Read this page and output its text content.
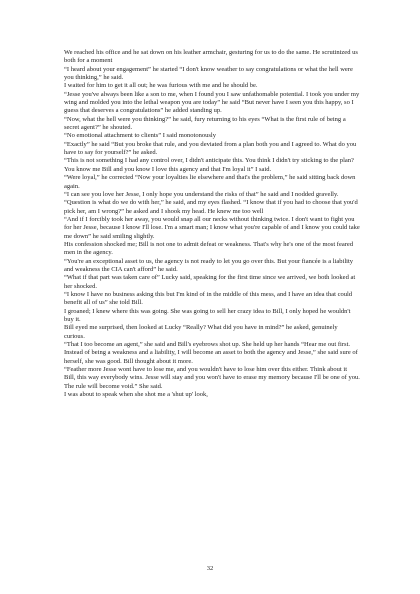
We reached his office and he sat down on his leather armchair, gesturing for us to do the same. He scrutinized us both for a moment

“I heard about your engagement” he started “I don't know weather to say congratulations or what the hell were you thinking,” he said.

I waited for him to get it all out; he was furious with me and he should be.

“Jesse you've always been like a son to me, when I found you I saw unfathomable potential. I took you under my wing and molded you into the lethal weapon you are today” he said “But never have I seen you this happy, so I guess that deserves a congratulations” he added standing up.

“Now, what the hell were you thinking?” he said, fury returning to his eyes “What is the first rule of being a secret agent?” he shouted.

“No emotional attachment to clients” I said monotonously

“Exactly” he said “But you broke that rule, and you deviated from a plan both you and I agreed to. What do you have to say for yourself?” he asked.

“This is not something I had any control over, I didn't anticipate this. You think I didn't try sticking to the plan? You know me Bill and you know I love this agency and that I'm loyal it” I said.

“Were loyal,” he corrected “Now your loyalties lie elsewhere and that's the problem,” he said sitting back down again.

“I can see you love her Jesse, I only hope you understand the risks of that” he said and I nodded gravelly.

“Question is what do we do with her,” he said, and my eyes flashed. “I know that if you had to choose that you'd pick her, am I wrong?” he asked and I shook my head. He knew me too well

“And if I forcibly took her away, you would snap all our necks without thinking twice. I don't want to fight you for her Jesse, because I know I'll lose. I'm a smart man; I know what you're capable of and I know you could take me down” he said smiling slightly.

His confession shocked me; Bill is not one to admit defeat or weakness. That's why he's one of the most feared men in the agency.

“You're an exceptional asset to us, the agency is not ready to let you go over this. But your fiancée is a liability and weakness the CIA can't afford” he said.

“What if that part was taken care of” Lucky said, speaking for the first time since we arrived, we both looked at her shocked.

“I know I have no business asking this but I'm kind of in the middle of this mess, and I have an idea that could benefit all of us” she told Bill.

I groaned; I knew where this was going. She was going to sell her crazy idea to Bill, I only hoped he wouldn't buy it.

Bill eyed me surprised, then looked at Lucky “Really? What did you have in mind?” he asked, genuinely curious.

“That I too become an agent,” she said and Bill's eyebrows shot up. She held up her hands “Hear me out first. Instead of being a weakness and a liability, I will become an asset to both the agency and Jesse,” she said sure of herself, she was good. Bill thought about it more.

“Feather more Jesse wont have to lose me, and you wouldn't have to lose him over this either. Think about it Bill, this way everybody wins. Jesse will stay and you won't have to erase my memory because I'll be one of you. The rule will become void.” She said.

I was about to speak when she shot me a 'shut up' look,

32
